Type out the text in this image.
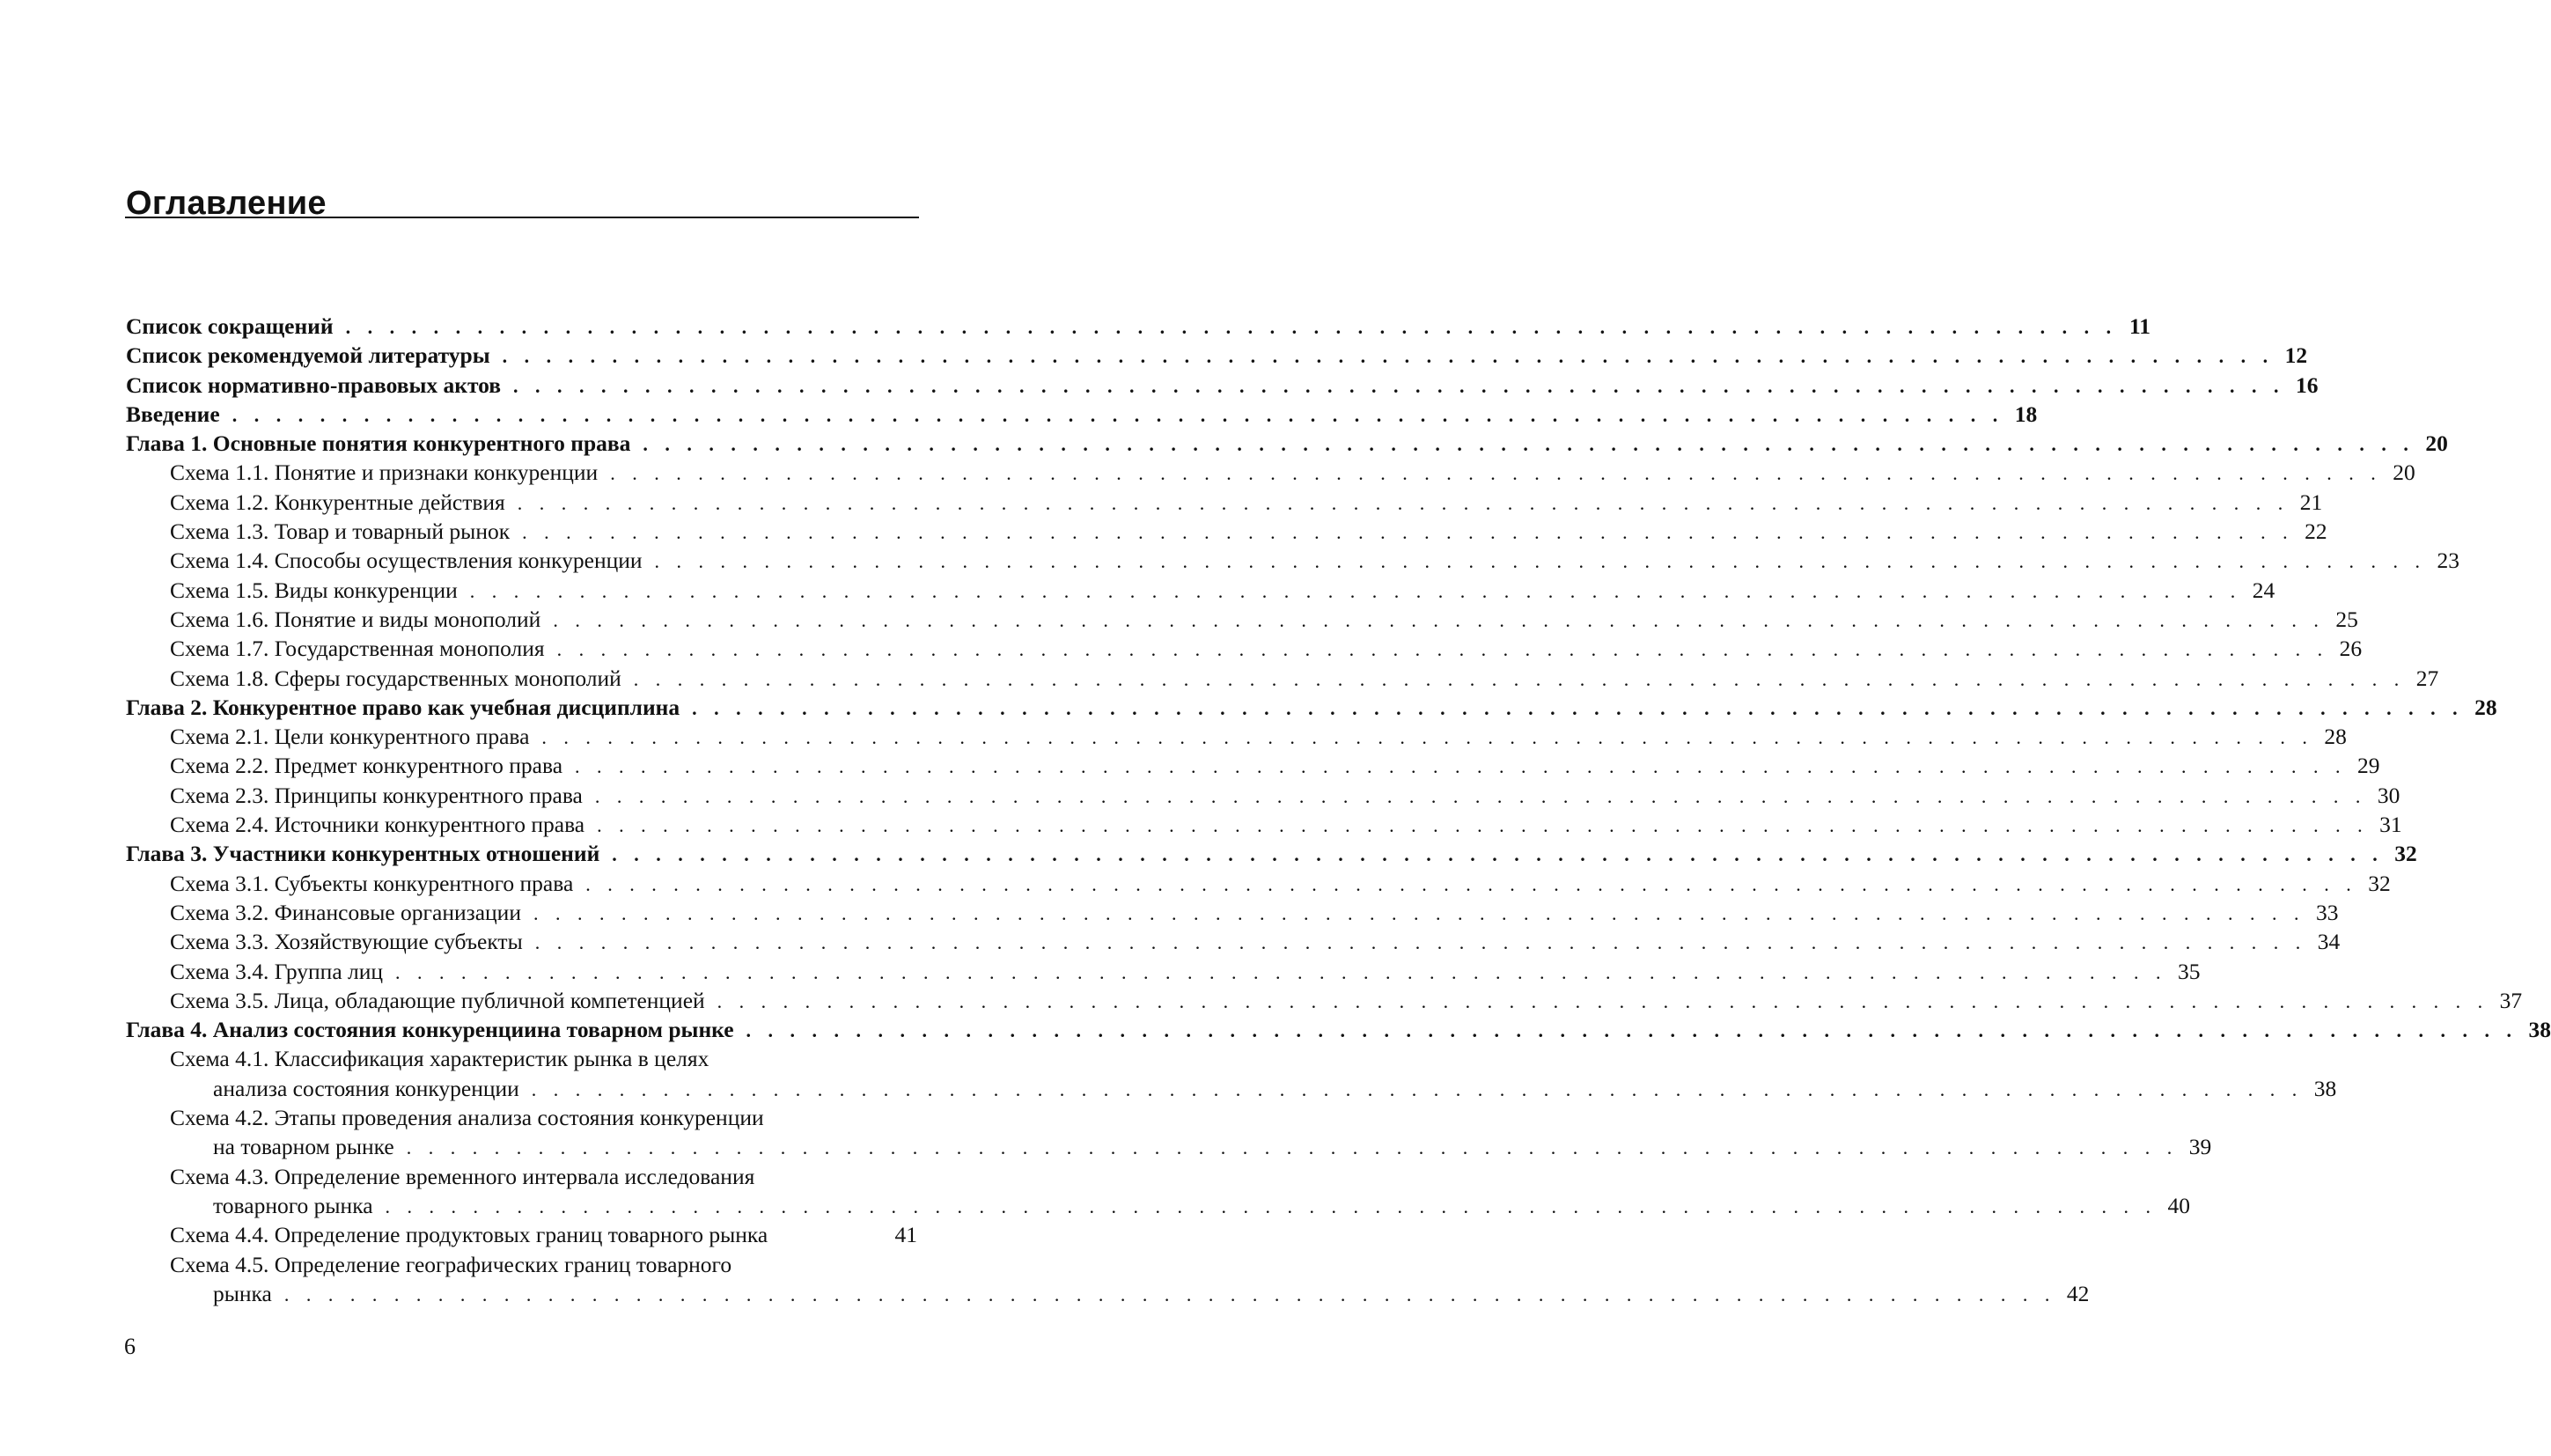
Оглавление
Список сокращений . . . . . . . . . . . . . . . . . . . . . . . . . . . . . . . . . . . . . . . . . . . . . . . . . . . . . . . . . . . . . . . . . . . . . . . . . . . . . . . . . 11
Список рекомендуемой литературы . . . . . . . . . . . . . . . . . . . . . . . . . . . . . . . . . . . . . . . . . . . . . . . . . . . . . . . . . . . . . . . . . . . . . . . . . . . . . . . . . 12
Список нормативно-правовых актов . . . . . . . . . . . . . . . . . . . . . . . . . . . . . . . . . . . . . . . . . . . . . . . . . . . . . . . . . . . . . . . . . . . . . . . . . . . . . . . . . 16
Введение . . . . . . . . . . . . . . . . . . . . . . . . . . . . . . . . . . . . . . . . . . . . . . . . . . . . . . . . . . . . . . . . . . . . . . . . . . . . . . . . . 18
Глава 1. Основные понятия конкурентного права . . . . . . . . . . . . . . . . . . . . . . . . . . . . . . . . . . . . . . . . . . . . . . . . . . . . . . . . . . . . . . . . . . . . . . . . . . . . . . . . . 20
Схема 1.1. Понятие и признаки конкуренции . . . . . . . . . . . . . . . . . . . . . . . . . . . . . . . . . . . . . . . . . . . . . . . . . . . . . . . . . . . . . . . . . . . . . . . . . . . . . . . . . 20
Схема 1.2. Конкурентные действия . . . . . . . . . . . . . . . . . . . . . . . . . . . . . . . . . . . . . . . . . . . . . . . . . . . . . . . . . . . . . . . . . . . . . . . . . . . . . . . . . 21
Схема 1.3. Товар и товарный рынок . . . . . . . . . . . . . . . . . . . . . . . . . . . . . . . . . . . . . . . . . . . . . . . . . . . . . . . . . . . . . . . . . . . . . . . . . . . . . . . . . 22
Схема 1.4. Способы осуществления конкуренции . . . . . . . . . . . . . . . . . . . . . . . . . . . . . . . . . . . . . . . . . . . . . . . . . . . . . . . . . . . . . . . . . . . . . . . . . . . . . . . . . 23
Схема 1.5. Виды конкуренции . . . . . . . . . . . . . . . . . . . . . . . . . . . . . . . . . . . . . . . . . . . . . . . . . . . . . . . . . . . . . . . . . . . . . . . . . . . . . . . . . 24
Схема 1.6. Понятие и виды монополий . . . . . . . . . . . . . . . . . . . . . . . . . . . . . . . . . . . . . . . . . . . . . . . . . . . . . . . . . . . . . . . . . . . . . . . . . . . . . . . . . 25
Схема 1.7. Государственная монополия . . . . . . . . . . . . . . . . . . . . . . . . . . . . . . . . . . . . . . . . . . . . . . . . . . . . . . . . . . . . . . . . . . . . . . . . . . . . . . . . . 26
Схема 1.8. Сферы государственных монополий . . . . . . . . . . . . . . . . . . . . . . . . . . . . . . . . . . . . . . . . . . . . . . . . . . . . . . . . . . . . . . . . . . . . . . . . . . . . . . . . . 27
Глава 2. Конкурентное право как учебная дисциплина . . . . . . . . . . . . . . . . . . . . . . . . . . . . . . . . . . . . . . . . . . . . . . . . . . . . . . . . . . . . . . . . . . . . . . . . . . . . . . . . . 28
Схема 2.1. Цели конкурентного права . . . . . . . . . . . . . . . . . . . . . . . . . . . . . . . . . . . . . . . . . . . . . . . . . . . . . . . . . . . . . . . . . . . . . . . . . . . . . . . . . 28
Схема 2.2. Предмет конкурентного права . . . . . . . . . . . . . . . . . . . . . . . . . . . . . . . . . . . . . . . . . . . . . . . . . . . . . . . . . . . . . . . . . . . . . . . . . . . . . . . . . 29
Схема 2.3. Принципы конкурентного права . . . . . . . . . . . . . . . . . . . . . . . . . . . . . . . . . . . . . . . . . . . . . . . . . . . . . . . . . . . . . . . . . . . . . . . . . . . . . . . . . 30
Схема 2.4. Источники конкурентного права . . . . . . . . . . . . . . . . . . . . . . . . . . . . . . . . . . . . . . . . . . . . . . . . . . . . . . . . . . . . . . . . . . . . . . . . . . . . . . . . . 31
Глава 3. Участники конкурентных отношений . . . . . . . . . . . . . . . . . . . . . . . . . . . . . . . . . . . . . . . . . . . . . . . . . . . . . . . . . . . . . . . . . . . . . . . . . . . . . . . . . 32
Схема 3.1. Субъекты конкурентного права . . . . . . . . . . . . . . . . . . . . . . . . . . . . . . . . . . . . . . . . . . . . . . . . . . . . . . . . . . . . . . . . . . . . . . . . . . . . . . . . . 32
Схема 3.2. Финансовые организации . . . . . . . . . . . . . . . . . . . . . . . . . . . . . . . . . . . . . . . . . . . . . . . . . . . . . . . . . . . . . . . . . . . . . . . . . . . . . . . . . 33
Схема 3.3. Хозяйствующие субъекты . . . . . . . . . . . . . . . . . . . . . . . . . . . . . . . . . . . . . . . . . . . . . . . . . . . . . . . . . . . . . . . . . . . . . . . . . . . . . . . . . 34
Схема 3.4. Группа лиц . . . . . . . . . . . . . . . . . . . . . . . . . . . . . . . . . . . . . . . . . . . . . . . . . . . . . . . . . . . . . . . . . . . . . . . . . . . . . . . . . 35
Схема 3.5. Лица, обладающие публичной компетенцией . . . . . . . . . . . . . . . . . . . . . . . . . . . . . . . . . . . . . . . . . . . . . . . . . . . . . . . . . . . . . . . . . . . . . . . . . . . . . . . . . 37
Глава 4. Анализ состояния конкуренциина товарном рынке . . . . . . . . . . . . . . . . . . . . . . . . . . . . . . . . . . . . . . . . . . . . . . . . . . . . . . . . . . . . . . . . . . . . . . . . . . . . . . . . . 38
Схема 4.1. Классификация характеристик рынка в целях
анализа состояния конкуренции . . . . . . . . . . . . . . . . . . . . . . . . . . . . . . . . . . . . . . . . . . . . . . . . . . . . . . . . . . . . . . . . . . . . . . . . . . . . . . . . . 38
Схема 4.2. Этапы проведения анализа состояния конкуренции
на товарном рынке . . . . . . . . . . . . . . . . . . . . . . . . . . . . . . . . . . . . . . . . . . . . . . . . . . . . . . . . . . . . . . . . . . . . . . . . . . . . . . . . . 39
Схема 4.3. Определение временного интервала исследования
товарного рынка . . . . . . . . . . . . . . . . . . . . . . . . . . . . . . . . . . . . . . . . . . . . . . . . . . . . . . . . . . . . . . . . . . . . . . . . . . . . . . . . . 40
Схема 4.4. Определение продуктовых границ товарного рынка	41
Схема 4.5. Определение географических границ товарного
рынка . . . . . . . . . . . . . . . . . . . . . . . . . . . . . . . . . . . . . . . . . . . . . . . . . . . . . . . . . . . . . . . . . . . . . . . . . . . . . . . . . 42
6
